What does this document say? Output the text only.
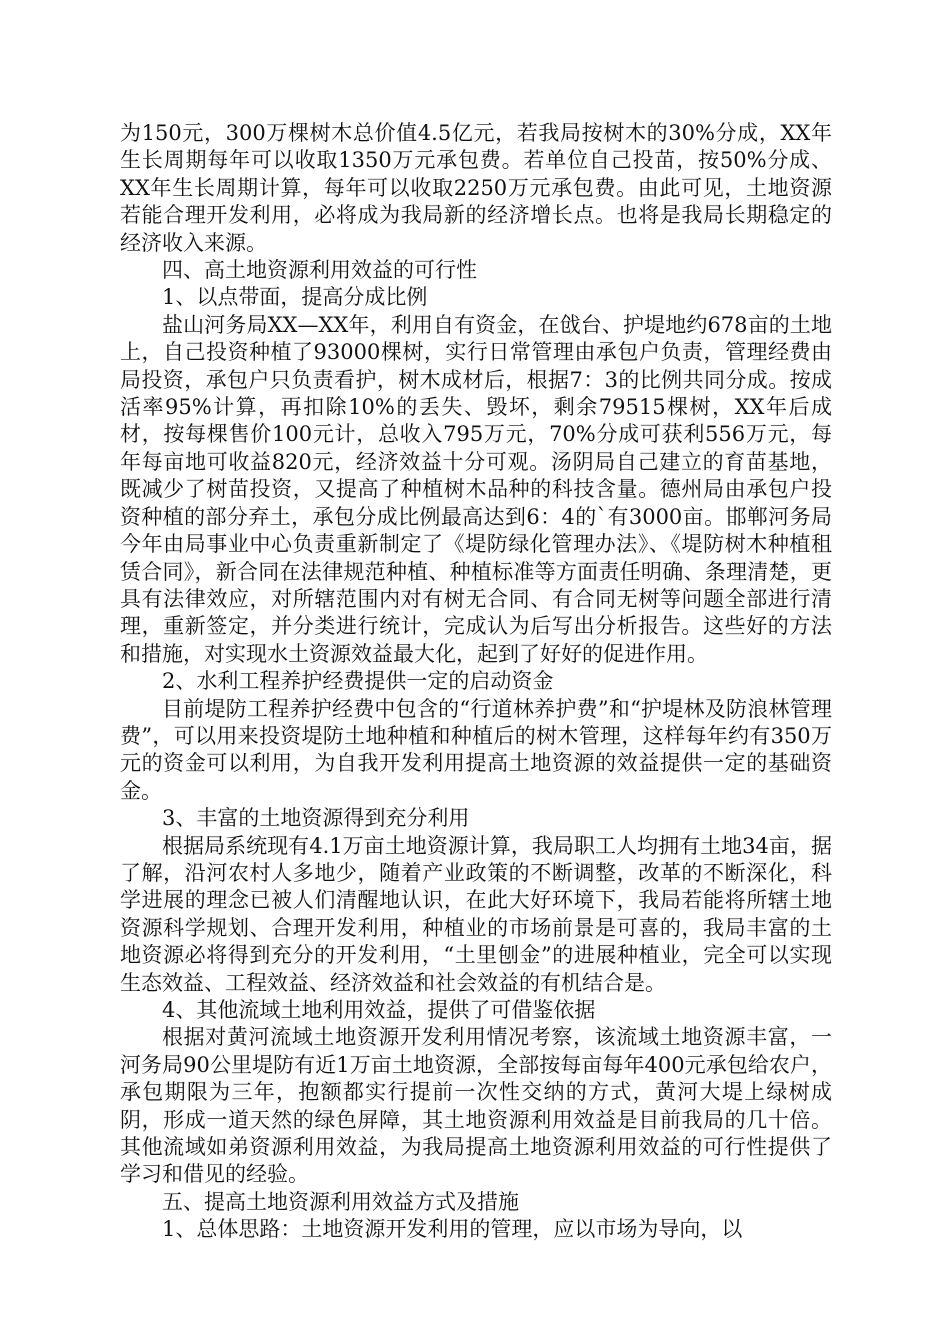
为150元，300万棵树木总价值4.5亿元，若我局按树木的30%分成，XX年生长周期每年可以收取1350万元承包费。若单位自己投苗，按50%分成、XX年生长周期计算，每年可以收取2250万元承包费。由此可见，土地资源若能合理开发利用，必将成为我局新的经济增长点。也将是我局长期稳定的经济收入来源。

四、高土地资源利用效益的可行性

1、以点带面，提高分成比例

盐山河务局XX—XX年，利用自有资金，在戗台、护堤地约678亩的土地上，自己投资种植了93000棵树，实行日常管理由承包户负责，管理经费由局投资，承包户只负责看护，树木成材后，根据7：3的比例共同分成。按成活率95%计算，再扣除10%的丢失、毁坏，剩余79515棵树，XX年后成材，按每棵售价100元计，总收入795万元，70%分成可获利556万元，每年每亩地可收益820元，经济效益十分可观。汤阴局自己建立的育苗基地，既减少了树苗投资，又提高了种植树木品种的科技含量。德州局由承包户投资种植的部分弃土，承包分成比例最高达到6：4的`有3000亩。邯郸河务局今年由局事业中心负责重新制定了《堤防绿化管理办法》、《堤防树木种植租赁合同》，新合同在法律规范种植、种植标准等方面责任明确、条理清楚，更具有法律效应，对所辖范围内对有树无合同、有合同无树等问题全部进行清理，重新签定，并分类进行统计，完成认为后写出分析报告。这些好的方法和措施，对实现水土资源效益最大化，起到了好好的促进作用。

2、水利工程养护经费提供一定的启动资金

目前堤防工程养护经费中包含的“行道林养护费”和“护堤林及防浪林管理费”，可以用来投资堤防土地种植和种植后的树木管理，这样每年约有350万元的资金可以利用，为自我开发利用提高土地资源的效益提供一定的基础资金。

3、丰富的土地资源得到充分利用

根据局系统现有4.1万亩土地资源计算，我局职工人均拥有土地34亩，据了解，沿河农村人多地少，随着产业政策的不断调整，改革的不断深化，科学进展的理念已被人们清醒地认识，在此大好环境下，我局若能将所辖土地资源科学规划、合理开发利用，种植业的市场前景是可喜的，我局丰富的土地资源必将得到充分的开发利用，“土里刨金”的进展种植业，完全可以实现生态效益、工程效益、经济效益和社会效益的有机结合是。

4、其他流域土地利用效益，提供了可借鉴依据

根据对黄河流域土地资源开发利用情况考察，该流域土地资源丰富，一河务局90公里堤防有近1万亩土地资源，全部按每亩每年400元承包给农户，承包期限为三年，抱额都实行提前一次性交纳的方式，黄河大堤上绿树成阴，形成一道天然的绿色屏障，其土地资源利用效益是目前我局的几十倍。其他流域如弟资源利用效益，为我局提高土地资源利用效益的可行性提供了学习和借见的经验。

五、提高土地资源利用效益方式及措施

1、总体思路：土地资源开发利用的管理，应以市场为导向，以
